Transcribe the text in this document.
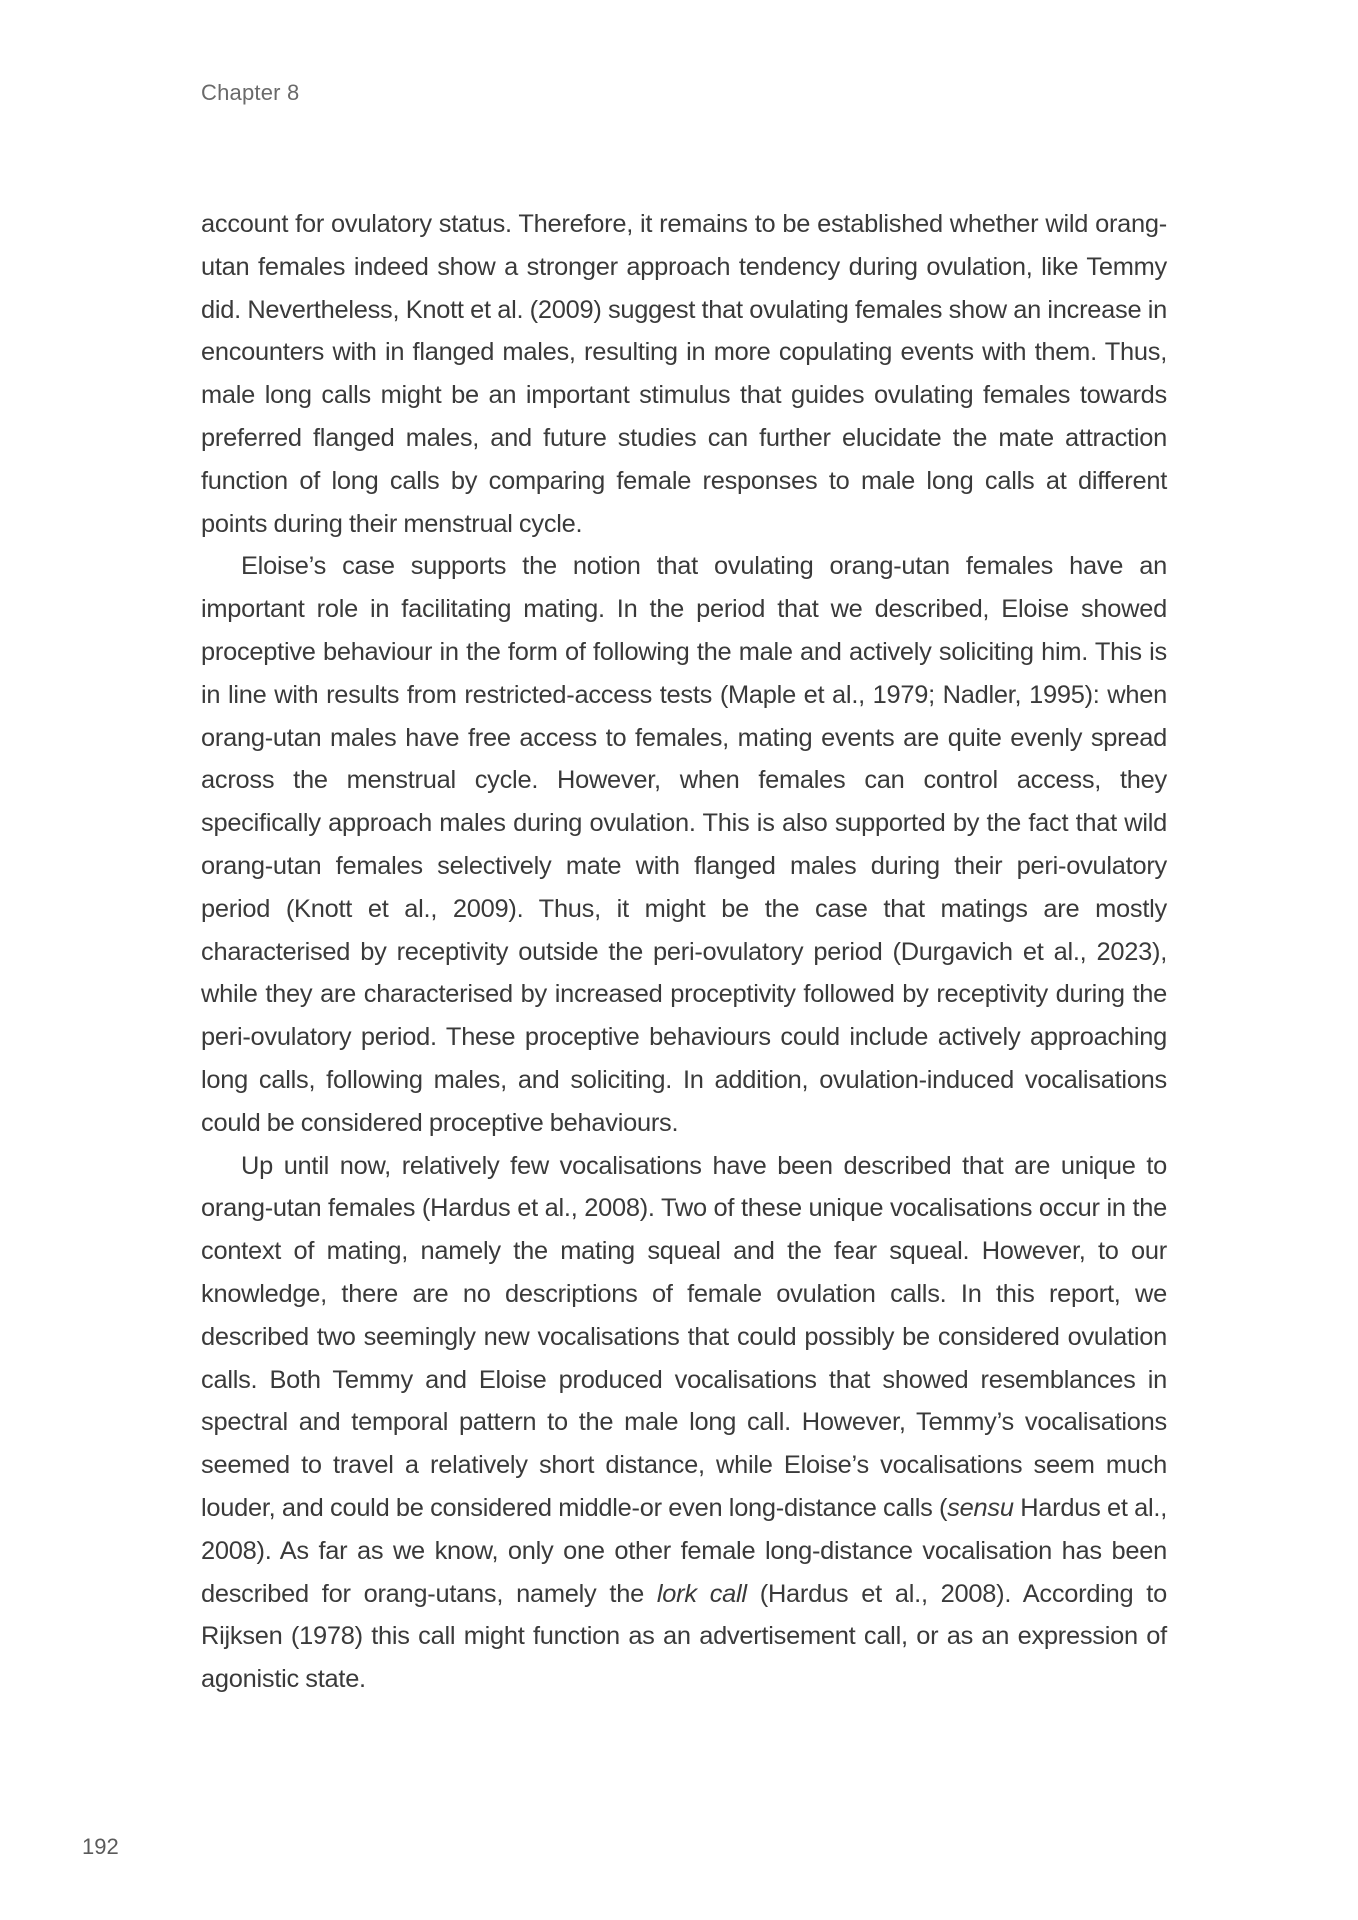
Chapter 8

account for ovulatory status. Therefore, it remains to be established whether wild orang-utan females indeed show a stronger approach tendency during ovulation, like Temmy did. Nevertheless, Knott et al. (2009) suggest that ovulating females show an increase in encounters with in flanged males, resulting in more copulating events with them. Thus, male long calls might be an important stimulus that guides ovulating females towards preferred flanged males, and future studies can further elucidate the mate attraction function of long calls by comparing female responses to male long calls at different points during their menstrual cycle.

Eloise’s case supports the notion that ovulating orang-utan females have an important role in facilitating mating. In the period that we described, Eloise showed proceptive behaviour in the form of following the male and actively soliciting him. This is in line with results from restricted-access tests (Maple et al., 1979; Nadler, 1995): when orang-utan males have free access to females, mating events are quite evenly spread across the menstrual cycle. However, when females can control access, they specifically approach males during ovulation. This is also supported by the fact that wild orang-utan females selectively mate with flanged males during their peri-ovulatory period (Knott et al., 2009). Thus, it might be the case that matings are mostly characterised by receptivity outside the peri-ovulatory period (Durgavich et al., 2023), while they are characterised by increased proceptivity followed by receptivity during the peri-ovulatory period. These proceptive behaviours could include actively approaching long calls, following males, and soliciting. In addition, ovulation-induced vocalisations could be considered proceptive behaviours.

Up until now, relatively few vocalisations have been described that are unique to orang-utan females (Hardus et al., 2008). Two of these unique vocalisations occur in the context of mating, namely the mating squeal and the fear squeal. However, to our knowledge, there are no descriptions of female ovulation calls. In this report, we described two seemingly new vocalisations that could possibly be considered ovulation calls. Both Temmy and Eloise produced vocalisations that showed resemblances in spectral and temporal pattern to the male long call. However, Temmy’s vocalisations seemed to travel a relatively short distance, while Eloise’s vocalisations seem much louder, and could be considered middle-or even long-distance calls (sensu Hardus et al., 2008). As far as we know, only one other female long-distance vocalisation has been described for orang-utans, namely the lork call (Hardus et al., 2008). According to Rijksen (1978) this call might function as an advertisement call, or as an expression of agonistic state.

192
